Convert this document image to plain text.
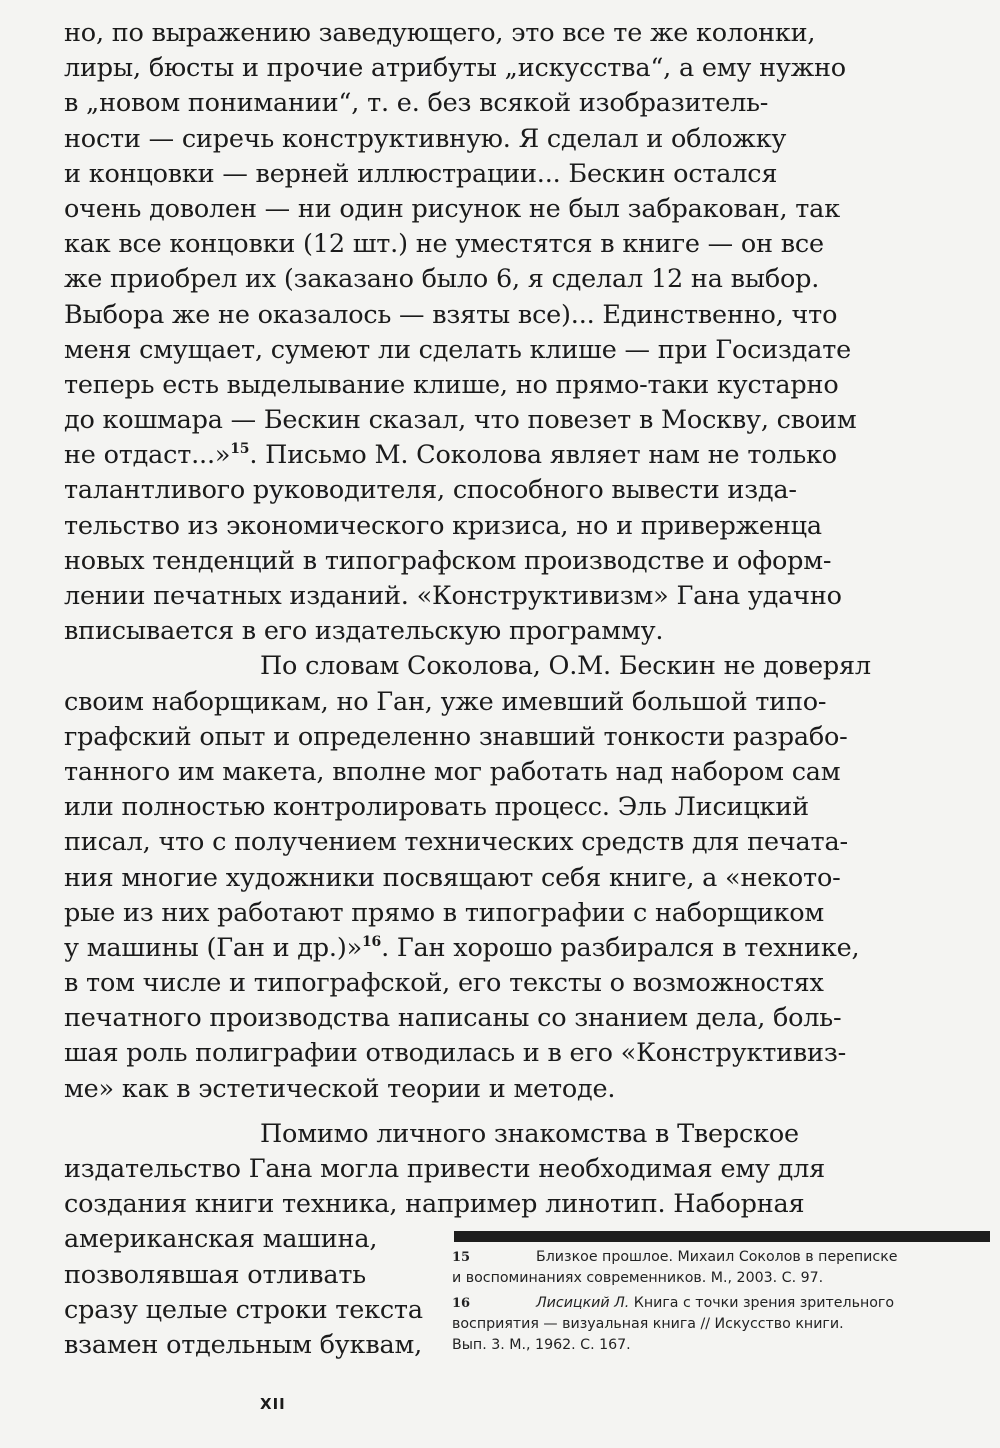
но, по выражению заведующего, это все те же колонки,
лиры, бюсты и прочие атрибуты „искусства“, а ему нужно
в „новом понимании“, т. е. без всякой изобразитель-
ности — сиречь конструктивную. Я сделал и обложку
и концовки — верней иллюстрации... Бескин остался
очень доволен — ни один рисунок не был забракован, так
как все концовки (12 шт.) не уместятся в книге — он все
же приобрел их (заказано было 6, я сделал 12 на выбор.
Выбора же не оказалось — взяты все)... Единственно, что
меня смущает, сумеют ли сделать клише — при Госиздате
теперь есть выделывание клише, но прямо-таки кустарно
до кошмара — Бескин сказал, что повезет в Москву, своим
не отдаст...»$^{15}$. Письмо М. Соколова являет нам не только
талантливого руководителя, способного вывести изда-
тельство из экономического кризиса, но и приверженца
новых тенденций в типографском производстве и оформ-
лении печатных изданий. «Конструктивизм» Гана удачно
вписывается в его издательскую программу.
По словам Соколова, О.М. Бескин не доверял
своим наборщикам, но Ган, уже имевший большой типо-
графский опыт и определенно знавший тонкости разрабо-
танного им макета, вполне мог работать над набором сам
или полностью контролировать процесс. Эль Лисицкий
писал, что с получением технических средств для печата-
ния многие художники посвящают себя книге, а «некото-
рые из них работают прямо в типографии с наборщиком
у машины (Ган и др.)»$^{16}$. Ган хорошо разбирался в технике,
в том числе и типографской, его тексты о возможностях
печатного производства написаны со знанием дела, боль-
шая роль полиграфии отводилась и в его «Конструктивиз-
ме» как в эстетической теории и методе.
Помимо личного знакомства в Тверское
издательство Гана могла привести необходимая ему для
создания книги техника, например линотип. Наборная
американская машина,
позволявшая отливать
сразу целые строки текста
взамен отдельным буквам,
15	Близкое прошлое. Михаил Соколов в переписке
и воспоминаниях современников. М., 2003. С. 97.
16	Лисицкий Л. Книга с точки зрения зрительного
восприятия — визуальная книга // Искусство книги.
Вып. 3. М., 1962. С. 167.
XII
